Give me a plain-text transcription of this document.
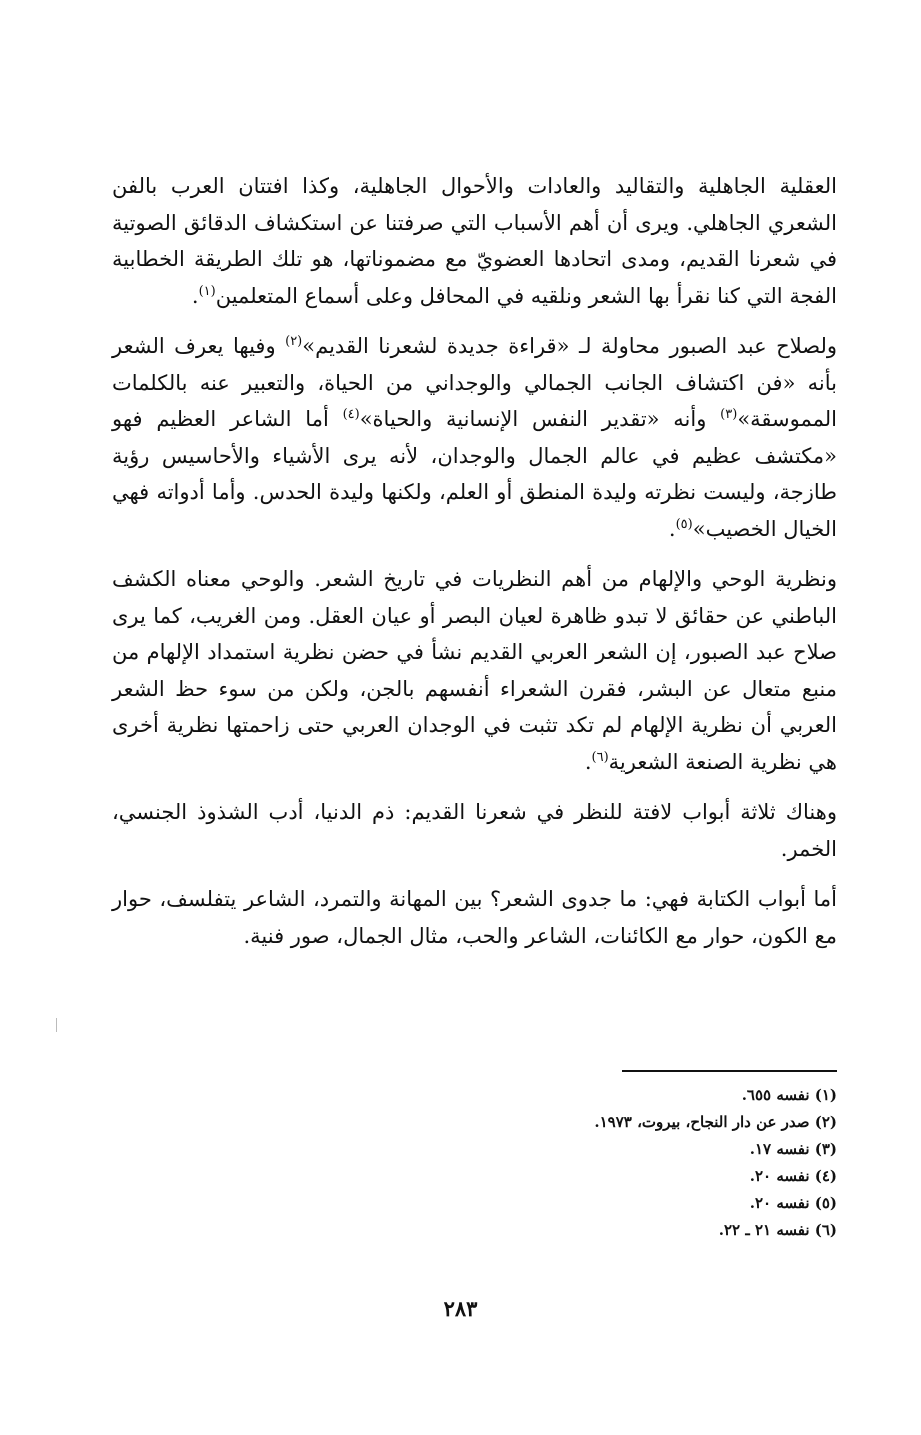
العقلية الجاهلية والتقاليد والعادات والأحوال الجاهلية، وكذا افتتان العرب بالفن الشعري الجاهلي. ويرى أن أهم الأسباب التي صرفتنا عن استكشاف الدقائق الصوتية في شعرنا القديم، ومدى اتحادها العضويّ مع مضموناتها، هو تلك الطريقة الخطابية الفجة التي كنا نقرأ بها الشعر ونلقيه في المحافل وعلى أسماع المتعلمين$^{(١)}$.

ولصلاح عبد الصبور محاولة لـ «قراءة جديدة لشعرنا القديم»$^{(٢)}$ وفيها يعرف الشعر بأنه «فن اكتشاف الجانب الجمالي والوجداني من الحياة، والتعبير عنه بالكلمات المموسقة»$^{(٣)}$ وأنه «تقدير النفس الإنسانية والحياة»$^{(٤)}$ أما الشاعر العظيم فهو «مكتشف عظيم في عالم الجمال والوجدان، لأنه يرى الأشياء والأحاسيس رؤية طازجة، وليست نظرته وليدة المنطق أو العلم، ولكنها وليدة الحدس. وأما أدواته فهي الخيال الخصيب»$^{(٥)}$.

ونظرية الوحي والإلهام من أهم النظريات في تاريخ الشعر. والوحي معناه الكشف الباطني عن حقائق لا تبدو ظاهرة لعيان البصر أو عيان العقل. ومن الغريب، كما يرى صلاح عبد الصبور، إن الشعر العربي القديم نشأ في حضن نظرية استمداد الإلهام من منبع متعال عن البشر، فقرن الشعراء أنفسهم بالجن، ولكن من سوء حظ الشعر العربي أن نظرية الإلهام لم تكد تثبت في الوجدان العربي حتى زاحمتها نظرية أخرى هي نظرية الصنعة الشعرية$^{(٦)}$.

وهناك ثلاثة أبواب لافتة للنظر في شعرنا القديم: ذم الدنيا، أدب الشذوذ الجنسي، الخمر.

أما أبواب الكتابة فهي: ما جدوى الشعر؟ بين المهانة والتمرد، الشاعر يتفلسف، حوار مع الكون، حوار مع الكائنات، الشاعر والحب، مثال الجمال، صور فنية.

(١) نفسه ٦٥٥.
(٢) صدر عن دار النجاح، بيروت، ١٩٧٣.
(٣) نفسه ١٧.
(٤) نفسه ٢٠.
(٥) نفسه ٢٠.
(٦) نفسه ٢١ ـ ٢٢.
٢٨٣
